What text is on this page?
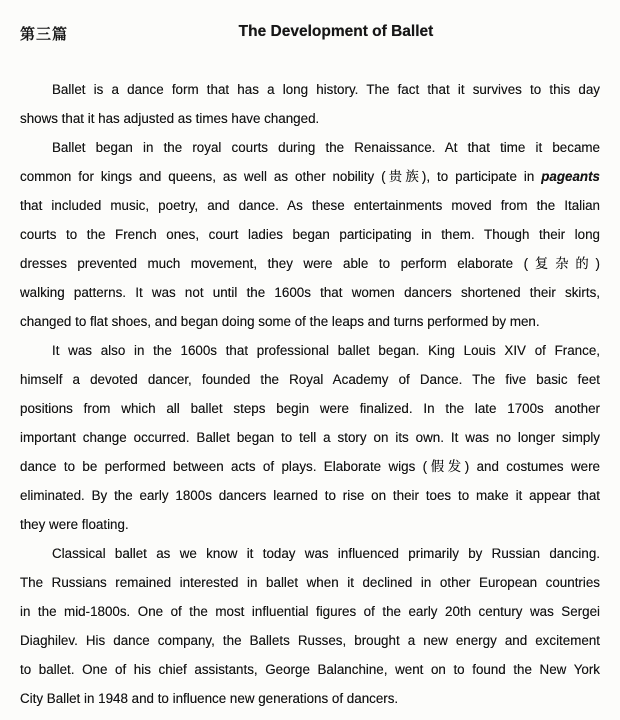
第三篇	The Development of Ballet
Ballet is a dance form that has a long history. The fact that it survives to this day
shows that it has adjusted as times have changed.
Ballet began in the royal courts during the Renaissance. At that time it became
common for kings and queens, as well as other nobility (贵族), to participate in pageants
that included music, poetry, and dance. As these entertainments moved from the Italian
courts to the French ones, court ladies began participating in them. Though their long
dresses prevented much movement, they were able to perform elaborate (复杂的)
walking patterns. It was not until the 1600s that women dancers shortened their skirts,
changed to flat shoes, and began doing some of the leaps and turns performed by men.
It was also in the 1600s that professional ballet began. King Louis XIV of France,
himself a devoted dancer, founded the Royal Academy of Dance. The five basic feet
positions from which all ballet steps begin were finalized. In the late 1700s another
important change occurred. Ballet began to tell a story on its own. It was no longer simply
dance to be performed between acts of plays. Elaborate wigs (假发) and costumes were
eliminated. By the early 1800s dancers learned to rise on their toes to make it appear that
they were floating.
Classical ballet as we know it today was influenced primarily by Russian dancing.
The Russians remained interested in ballet when it declined in other European countries
in the mid-1800s. One of the most influential figures of the early 20th century was Sergei
Diaghilev. His dance company, the Ballets Russes, brought a new energy and excitement
to ballet. One of his chief assistants, George Balanchine, went on to found the New York
City Ballet in 1948 and to influence new generations of dancers.
